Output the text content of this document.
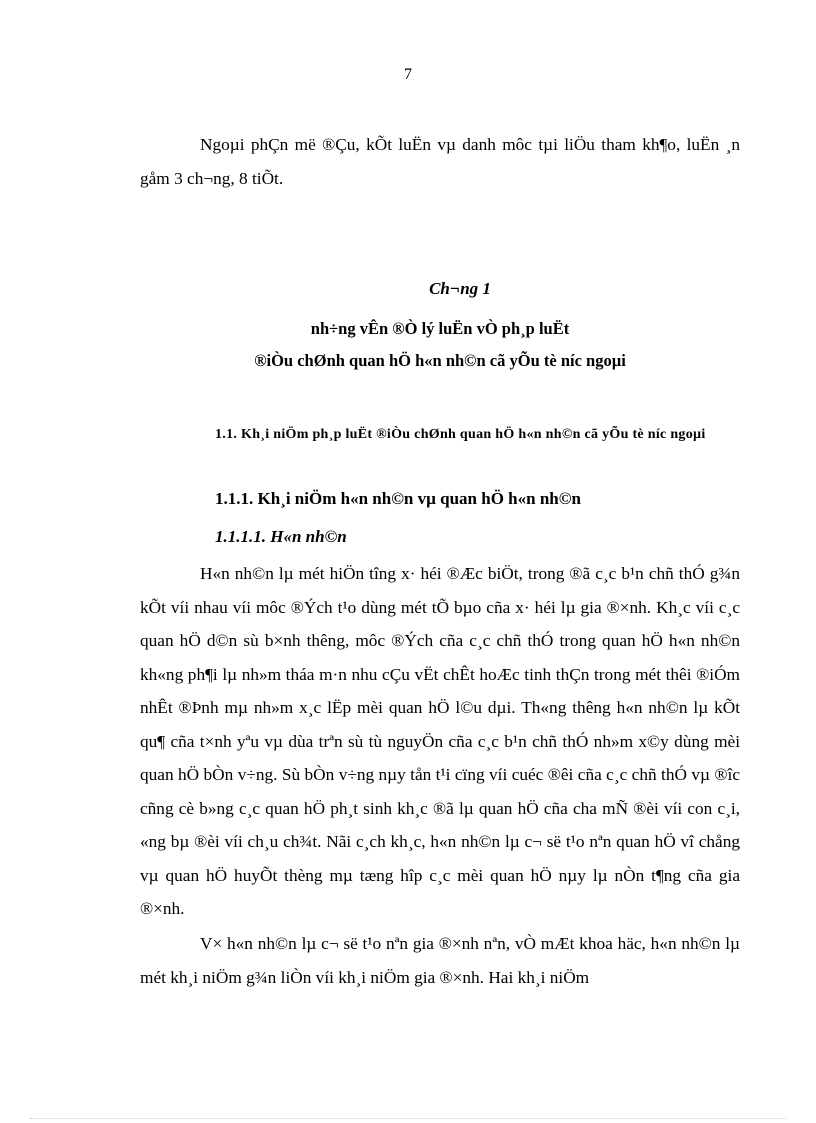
7

Ngoµi phÇn më ®Çu, kÕt luËn vµ danh môc tµi liÖu tham kh¶o, luËn ¸n gåm 3 ch¬ng, 8 tiÕt.

Ch¬ng 1

nh÷ng vÊn ®Ò lý luËn vÒ ph¸p luËt

®iÒu chØnh quan hÖ h«n nh©n cã yÕu tè níc ngoµi

1.1. Kh¸i niÖm ph¸p luËt ®iÒu chØnh quan hÖ h«n nh©n cã yÕu tè níc ngoµi

1.1.1. Kh¸i niÖm h«n nh©n vµ quan hÖ h«n nh©n

1.1.1.1. H«n nh©n

H«n nh©n lµ mét hiÖn tîng x· héi ®Æc biÖt, trong ®ã c¸c b¹n chñ thÓ g¾n kÕt víi nhau víi môc ®Ých t¹o dùng mét tÕ bµo cña x· héi lµ gia ®×nh. Kh¸c víi c¸c quan hÖ d©n sù b×nh thêng, môc ®Ých cña c¸c chñ thÓ trong quan hÖ h«n nh©n kh«ng ph¶i lµ nh»m tháa m·n nhu cÇu vËt chÊt hoÆc tinh thÇn trong mét thêi ®iÓm nhÊt ®Þnh mµ nh»m x¸c lËp mèi quan hÖ l©u dµi. Th«ng thêng h«n nh©n lµ kÕt qu¶ cña t×nh yªu vµ dùa trªn sù tù nguyÖn cña c¸c b¹n chñ thÓ nh»m x©y dùng mèi quan hÖ bÒn v÷ng. Sù bÒn v÷ng nµy tån t¹i cïng víi cuéc ®êi cña c¸c chñ thÓ vµ ®îc cñng cè b»ng c¸c quan hÖ ph¸t sinh kh¸c ®ã lµ quan hÖ cña cha mÑ ®èi víi con c¸i, «ng bµ ®èi víi ch¸u ch¾t. Nãi c¸ch kh¸c, h«n nh©n lµ c¬ së t¹o nªn quan hÖ vî chång vµ quan hÖ huyÕt thèng mµ tæng hîp c¸c mèi quan hÖ nµy lµ nÒn t¶ng cña gia ®×nh.

V× h«n nh©n lµ c¬ së t¹o nªn gia ®×nh nªn, vÒ mÆt khoa häc, h«n nh©n lµ mét kh¸i niÖm g¾n liÒn víi kh¸i niÖm gia ®×nh. Hai kh¸i niÖm
